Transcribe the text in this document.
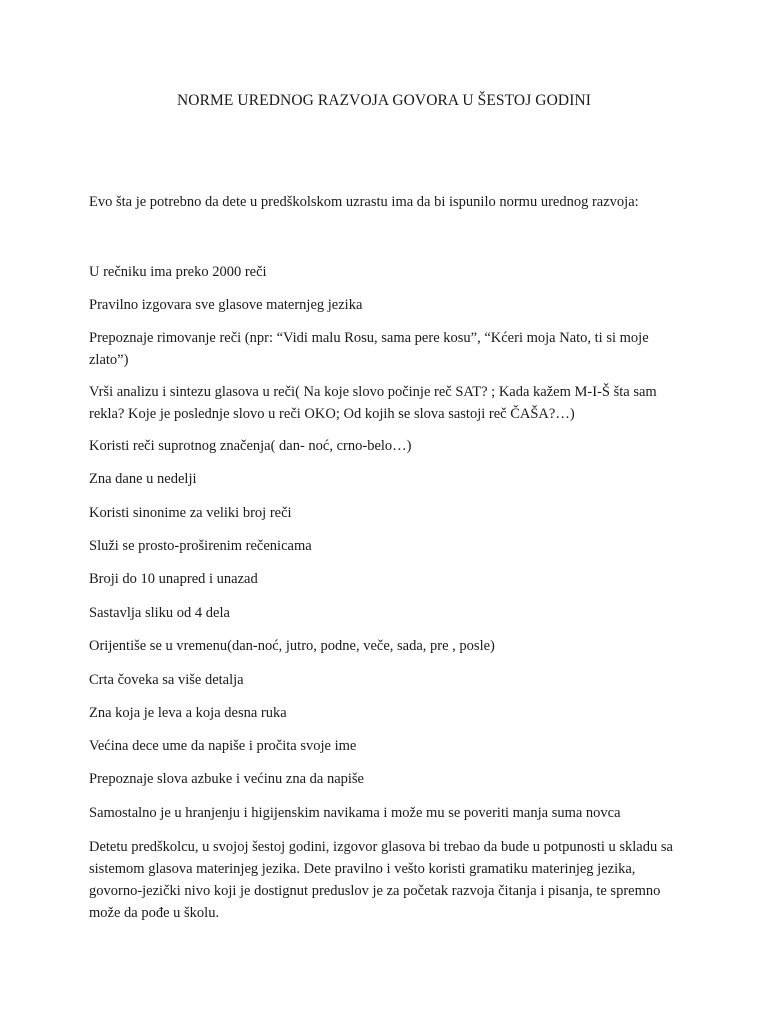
NORME UREDNOG RAZVOJA GOVORA U ŠESTOJ GODINI
Evo šta je potrebno da dete u predškolskom uzrastu ima da bi ispunilo normu urednog razvoja:
U rečniku ima preko 2000 reči
Pravilno izgovara sve glasove maternjeg jezika
Prepoznaje rimovanje reči (npr: “Vidi malu Rosu, sama pere kosu”, “Kćeri moja Nato, ti si moje zlato”)
Vrši analizu i sintezu glasova u reči( Na koje slovo počinje reč SAT? ; Kada kažem M-I-Š šta sam rekla? Koje je poslednje slovo u reči OKO; Od kojih se slova sastoji reč ČAŠA?…)
Koristi reči suprotnog značenja( dan- noć, crno-belo…)
Zna dane u nedelji
Koristi sinonime za veliki broj reči
Služi se prosto-proširenim rečenicama
Broji do 10 unapred i unazad
Sastavlja sliku od 4 dela
Orijentiše se u vremenu(dan-noć, jutro, podne, veče, sada, pre , posle)
Crta čoveka sa više detalja
Zna koja je leva a koja desna ruka
Većina dece ume da napiše i pročita svoje ime
Prepoznaje slova azbuke i većinu zna da napiše
Samostalno je u hranjenju i higijenskim navikama i može mu se poveriti manja suma novca
Detetu predškolcu, u svojoj šestoj godini, izgovor glasova bi trebao da bude u potpunosti u skladu sa sistemom glasova materinjeg jezika. Dete pravilno i vešto koristi gramatiku materinjeg jezika, govorno-jezički nivo koji je dostignut preduslov je za početak razvoja čitanja i pisanja, te spremno može da pođe u školu.
